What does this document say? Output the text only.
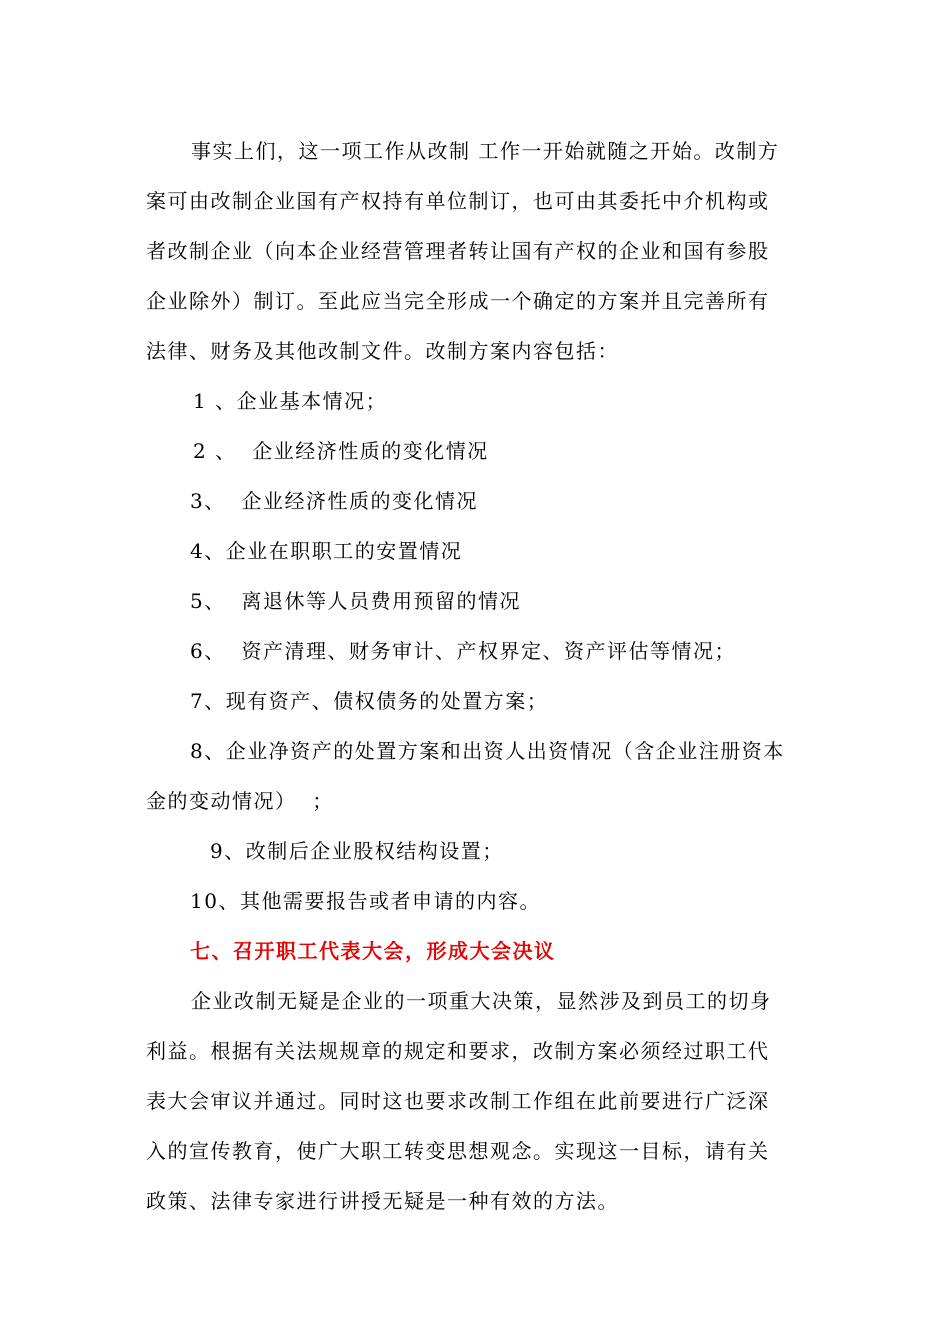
事实上们，这一项工作从改制 工作一开始就随之开始。改制方
案可由改制企业国有产权持有单位制订，也可由其委托中介机构或
者改制企业（向本企业经营管理者转让国有产权的企业和国有参股
企业除外）制订。至此应当完全形成一个确定的方案并且完善所有
法律、财务及其他改制文件。改制方案内容包括：
1 、企业基本情况；
2 、  企业经济性质的变化情况
3、  企业经济性质的变化情况
4、企业在职职工的安置情况
5、  离退休等人员费用预留的情况
6、  资产清理、财务审计、产权界定、资产评估等情况；
7、现有资产、债权债务的处置方案；
8、企业净资产的处置方案和出资人出资情况（含企业注册资本
金的变动情况）  ；
9、改制后企业股权结构设置；
10、其他需要报告或者申请的内容。
七、召开职工代表大会，形成大会决议
企业改制无疑是企业的一项重大决策，显然涉及到员工的切身
利益。根据有关法规规章的规定和要求，改制方案必须经过职工代
表大会审议并通过。同时这也要求改制工作组在此前要进行广泛深
入的宣传教育，使广大职工转变思想观念。实现这一目标，请有关
政策、法律专家进行讲授无疑是一种有效的方法。
